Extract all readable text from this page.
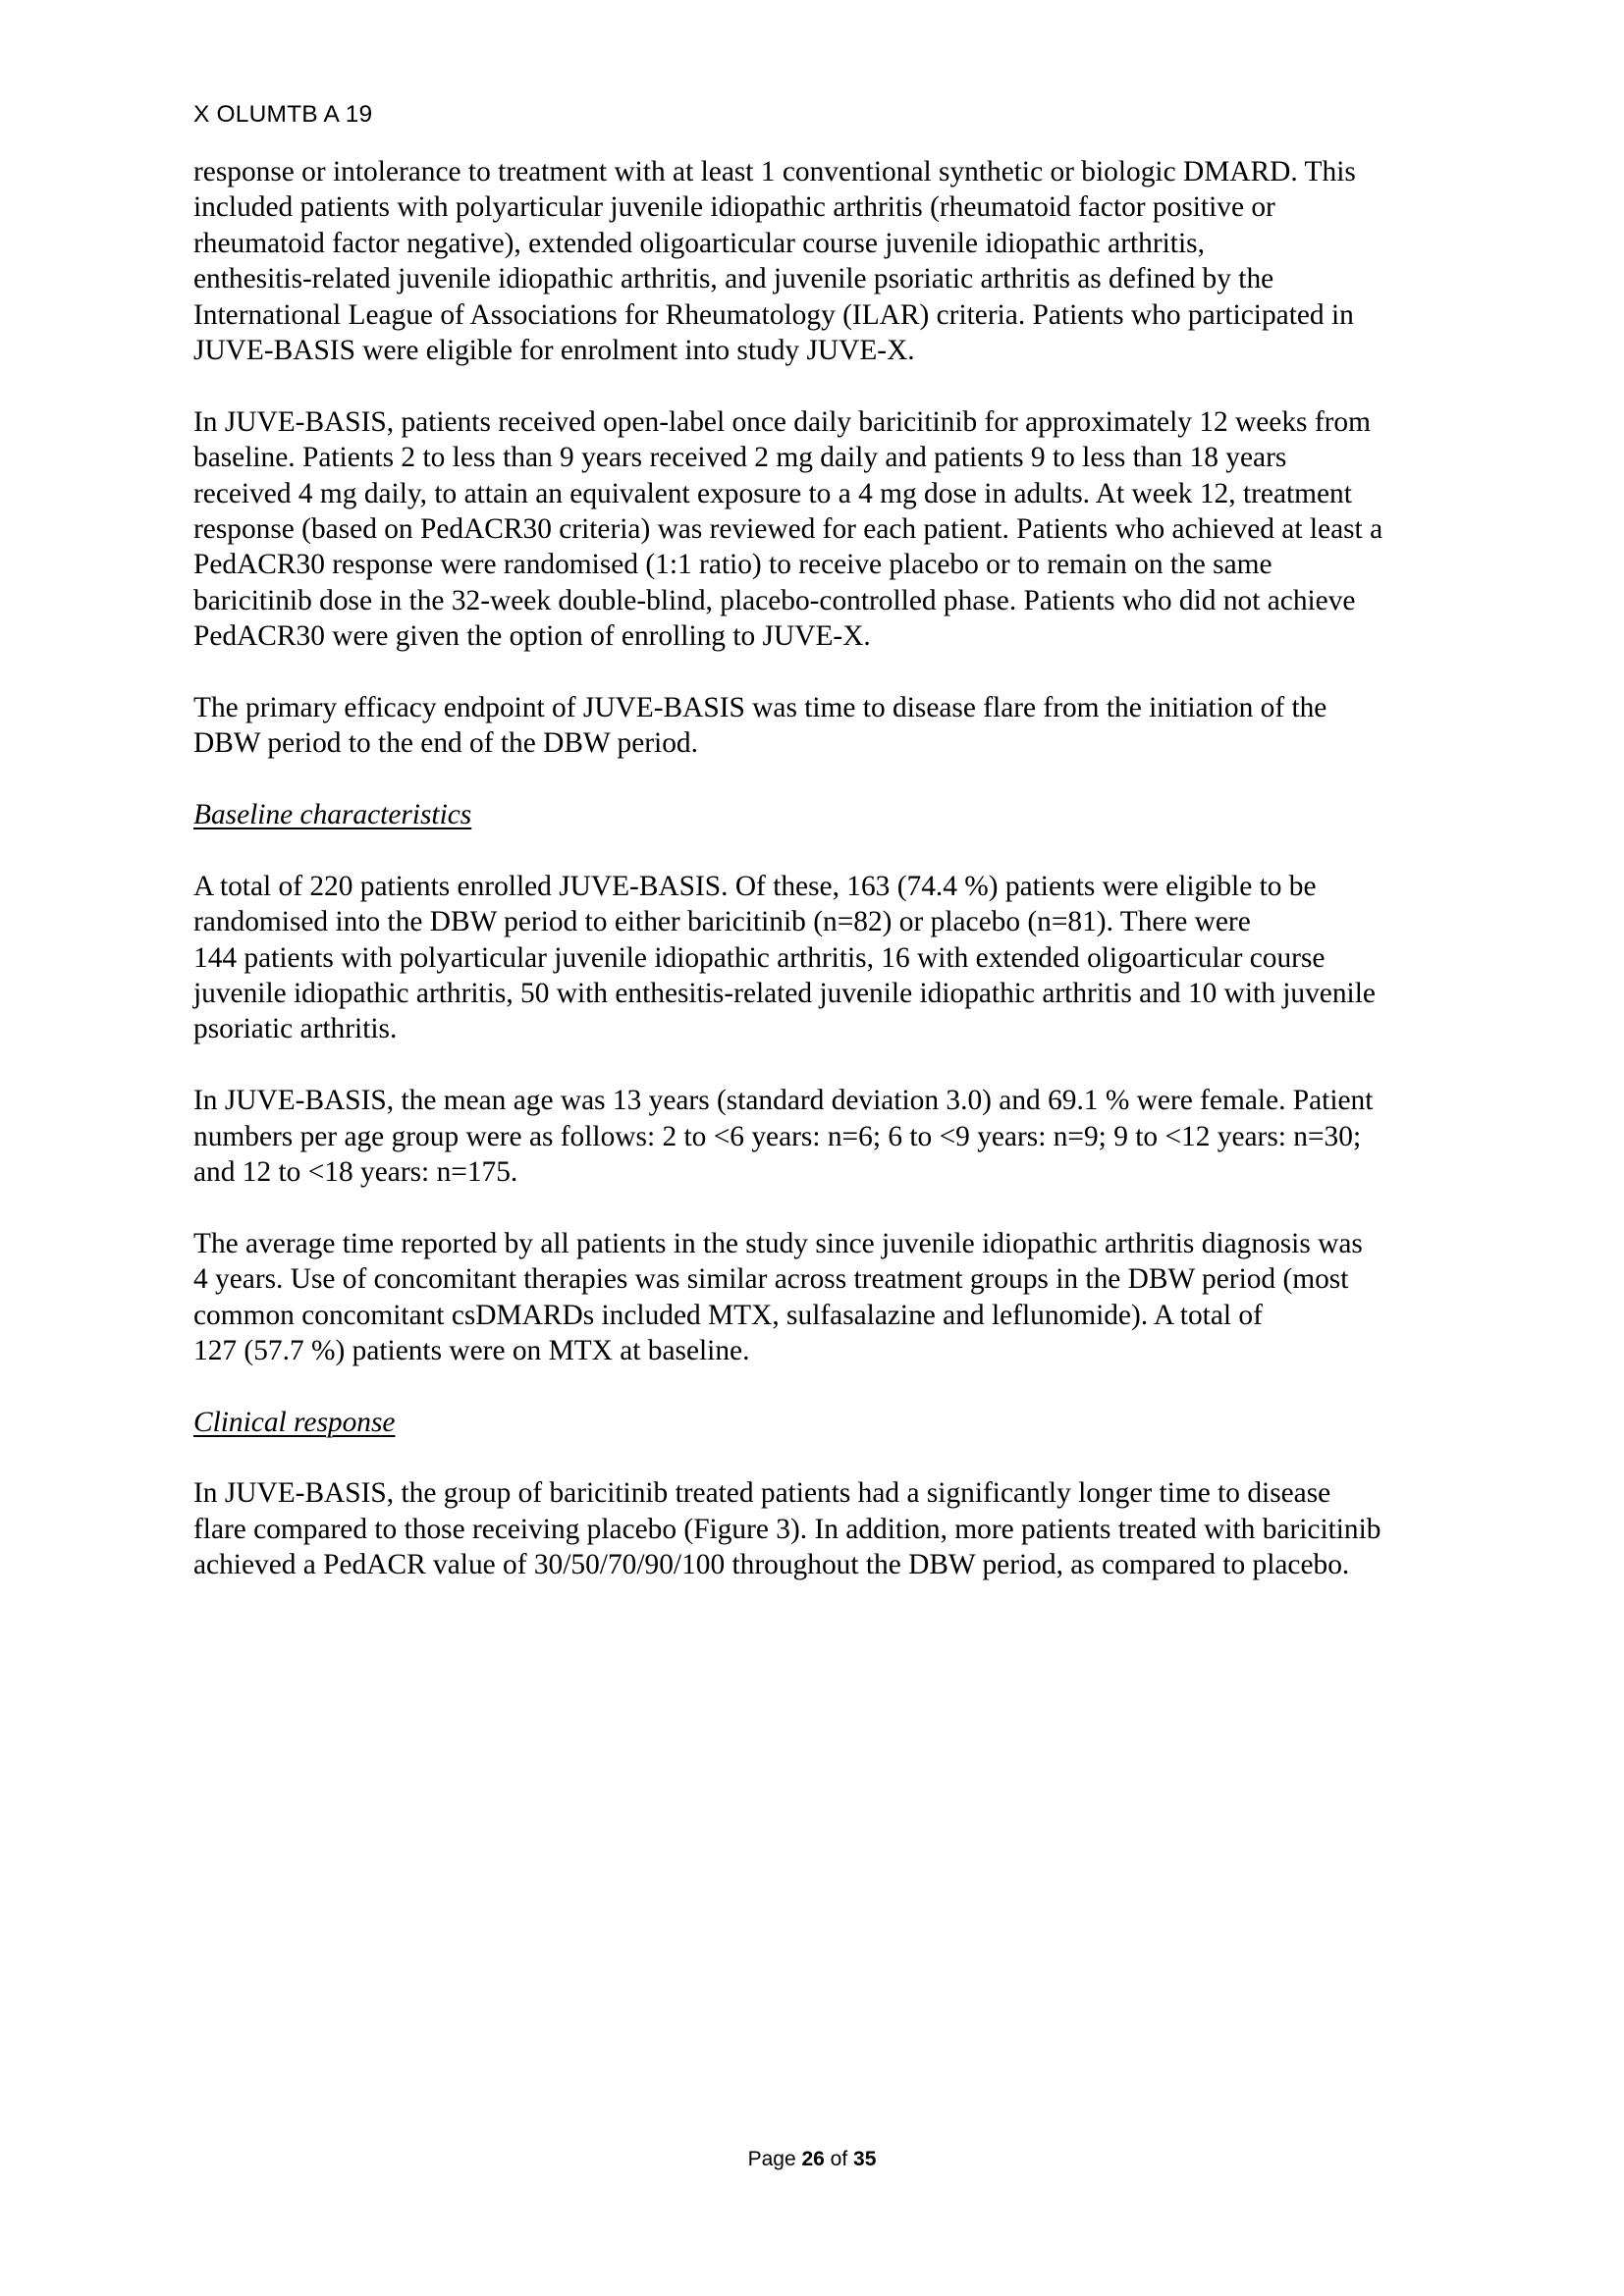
X OLUMTB A 19
response or intolerance to treatment with at least 1 conventional synthetic or biologic DMARD. This
included patients with polyarticular juvenile idiopathic arthritis (rheumatoid factor positive or
rheumatoid factor negative), extended oligoarticular course juvenile idiopathic arthritis,
enthesitis-related juvenile idiopathic arthritis, and juvenile psoriatic arthritis as defined by the
International League of Associations for Rheumatology (ILAR) criteria. Patients who participated in
JUVE-BASIS were eligible for enrolment into study JUVE-X.
In JUVE-BASIS, patients received open-label once daily baricitinib for approximately 12 weeks from
baseline. Patients 2 to less than 9 years received 2 mg daily and patients 9 to less than 18 years
received 4 mg daily, to attain an equivalent exposure to a 4 mg dose in adults. At week 12, treatment
response (based on PedACR30 criteria) was reviewed for each patient. Patients who achieved at least a
PedACR30 response were randomised (1:1 ratio) to receive placebo or to remain on the same
baricitinib dose in the 32-week double-blind, placebo-controlled phase. Patients who did not achieve
PedACR30 were given the option of enrolling to JUVE-X.
The primary efficacy endpoint of JUVE-BASIS was time to disease flare from the initiation of the
DBW period to the end of the DBW period.
Baseline characteristics
A total of 220 patients enrolled JUVE-BASIS. Of these, 163 (74.4 %) patients were eligible to be
randomised into the DBW period to either baricitinib (n=82) or placebo (n=81). There were
144 patients with polyarticular juvenile idiopathic arthritis, 16 with extended oligoarticular course
juvenile idiopathic arthritis, 50 with enthesitis-related juvenile idiopathic arthritis and 10 with juvenile
psoriatic arthritis.
In JUVE-BASIS, the mean age was 13 years (standard deviation 3.0) and 69.1 % were female. Patient
numbers per age group were as follows: 2 to <6 years: n=6; 6 to <9 years: n=9; 9 to <12 years: n=30;
and 12 to <18 years: n=175.
The average time reported by all patients in the study since juvenile idiopathic arthritis diagnosis was
4 years. Use of concomitant therapies was similar across treatment groups in the DBW period (most
common concomitant csDMARDs included MTX, sulfasalazine and leflunomide). A total of
127 (57.7 %) patients were on MTX at baseline.
Clinical response
In JUVE-BASIS, the group of baricitinib treated patients had a significantly longer time to disease
flare compared to those receiving placebo (Figure 3). In addition, more patients treated with baricitinib
achieved a PedACR value of 30/50/70/90/100 throughout the DBW period, as compared to placebo.
Page 26 of 35
